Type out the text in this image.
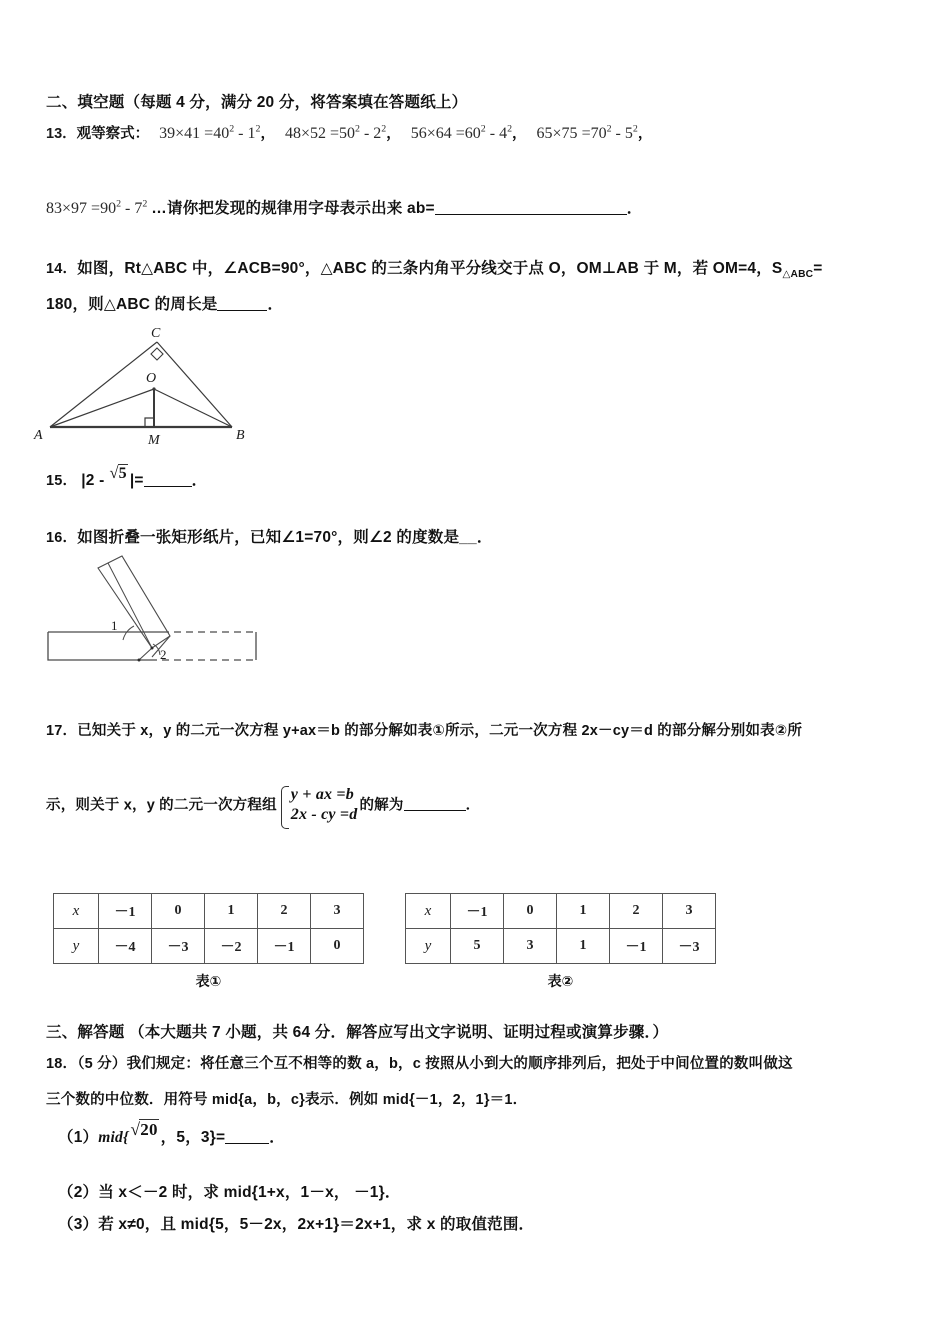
二、填空题（每题 4 分，满分 20 分，将答案填在答题纸上）
13．观等察式： $39\times 41 =40^2 - 1^2$， $48\times 52 =50^2 - 2^2$， $56\times 64 =60^2 - 4^2$， $65\times 75 =70^2 - 5^2$，
$83\times 97 =90^2 - 7^2$ …请你把发现的规律用字母表示出来 ab=	．
14．如图，Rt△ABC 中，∠ACB=90°，△ABC 的三条内角平分线交于点 O，OM⊥AB 于 M，若 OM=4，$S_{\triangle ABC}=$
180，则△ABC 的周长是	．
C
O
A	M	B
15． |2 - √5 |=	．
16．如图折叠一张矩形纸片，已知∠1=70°，则∠2 的度数是__．
1
2
17．已知关于 x，y 的二元一次方程 y+ax＝b 的部分解如表①所示，二元一次方程 2x－cy＝d 的部分解分别如表②所
示，则关于 x，y 的二元一次方程组
y + ax =b
2x - cy =d
的解为	．
x	－1	0	1	2	3
y	－4	－3	－2	－1	0
表①
x	－1	0	1	2	3
y	5	3	1	－1	－3
表②
三、解答题 （本大题共 7 小题，共 64 分．解答应写出文字说明、证明过程或演算步骤．）
18．（5 分）我们规定：将任意三个互不相等的数 a，b，c 按照从小到大的顺序排列后，把处于中间位置的数叫做这
三个数的中位数．用符号 mid{a，b，c}表示．例如 mid{－1，2，1}＝1．
（1）mid{ √20 ，5，3}=	．
（2）当 x＜－2 时，求 mid{1+x，1－x， －1}．
（3）若 x≠0，且 mid{5，5－2x，2x+1}＝2x+1，求 x 的取值范围．
